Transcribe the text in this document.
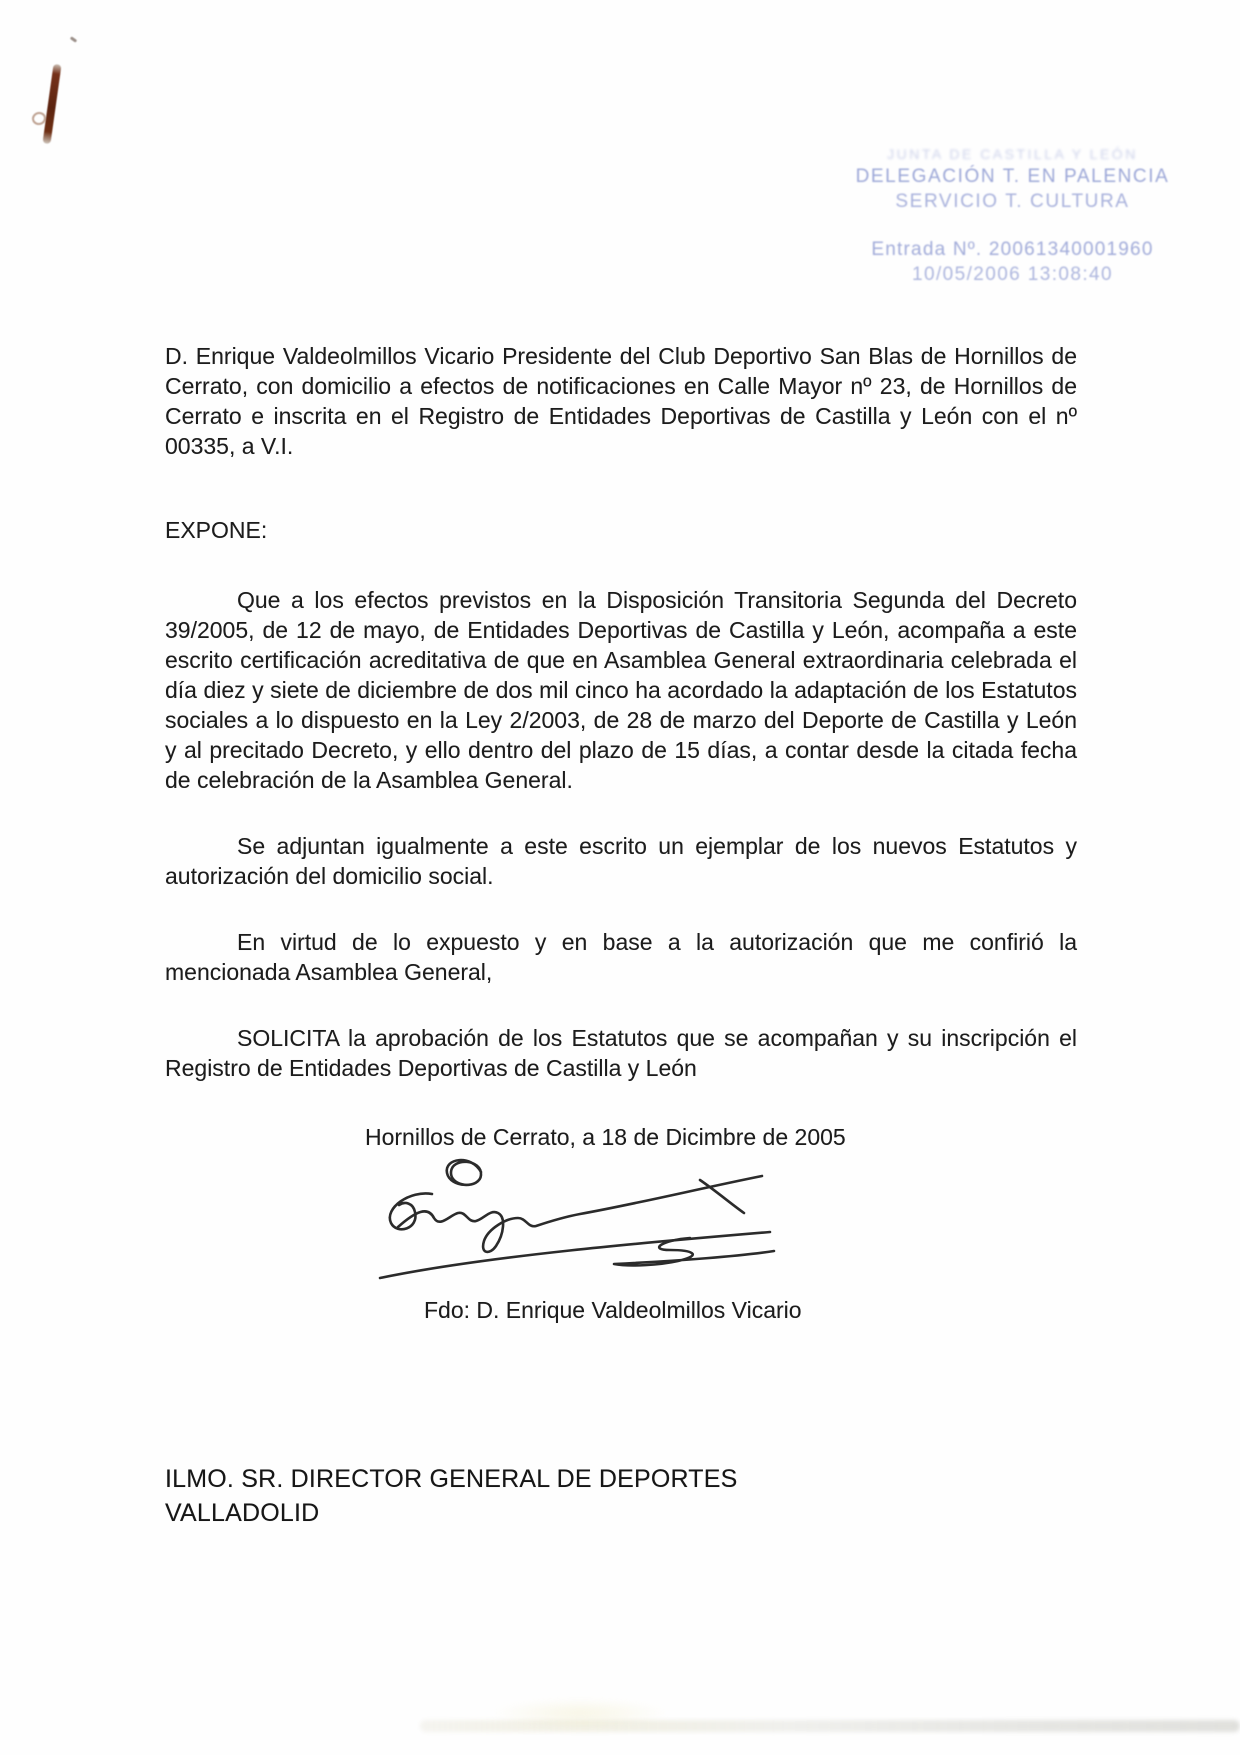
JUNTA DE CASTILLA Y LEÓN
DELEGACIÓN T. EN PALENCIA
SERVICIO T. CULTURA
Entrada Nº. 20061340001960
10/05/2006 13:08:40

D. Enrique Valdeolmillos Vicario Presidente del Club Deportivo San Blas de Hornillos de Cerrato, con domicilio a efectos de notificaciones en Calle Mayor nº 23, de Hornillos de Cerrato e inscrita en el Registro de Entidades Deportivas de Castilla y León con el nº 00335, a V.I.

EXPONE:

Que a los efectos previstos en la Disposición Transitoria Segunda del Decreto 39/2005, de 12 de mayo, de Entidades Deportivas de Castilla y León, acompaña a este escrito certificación acreditativa de que en Asamblea General extraordinaria celebrada el día diez y siete de diciembre de dos mil cinco ha acordado la adaptación de los Estatutos sociales a lo dispuesto en la Ley 2/2003, de 28 de marzo del Deporte de Castilla y León y al precitado Decreto, y ello dentro del plazo de 15 días, a contar desde la citada fecha de celebración de la Asamblea General.

Se adjuntan igualmente a este escrito un ejemplar de los nuevos Estatutos y autorización del domicilio social.

En virtud de lo expuesto y en base a la autorización que me confirió la mencionada Asamblea General,

SOLICITA la aprobación de los Estatutos que se acompañan y su inscripción el Registro de Entidades Deportivas de Castilla y León

Hornillos de Cerrato, a 18 de Dicimbre de 2005
Fdo: D. Enrique Valdeolmillos Vicario
ILMO. SR. DIRECTOR GENERAL DE DEPORTES
VALLADOLID
